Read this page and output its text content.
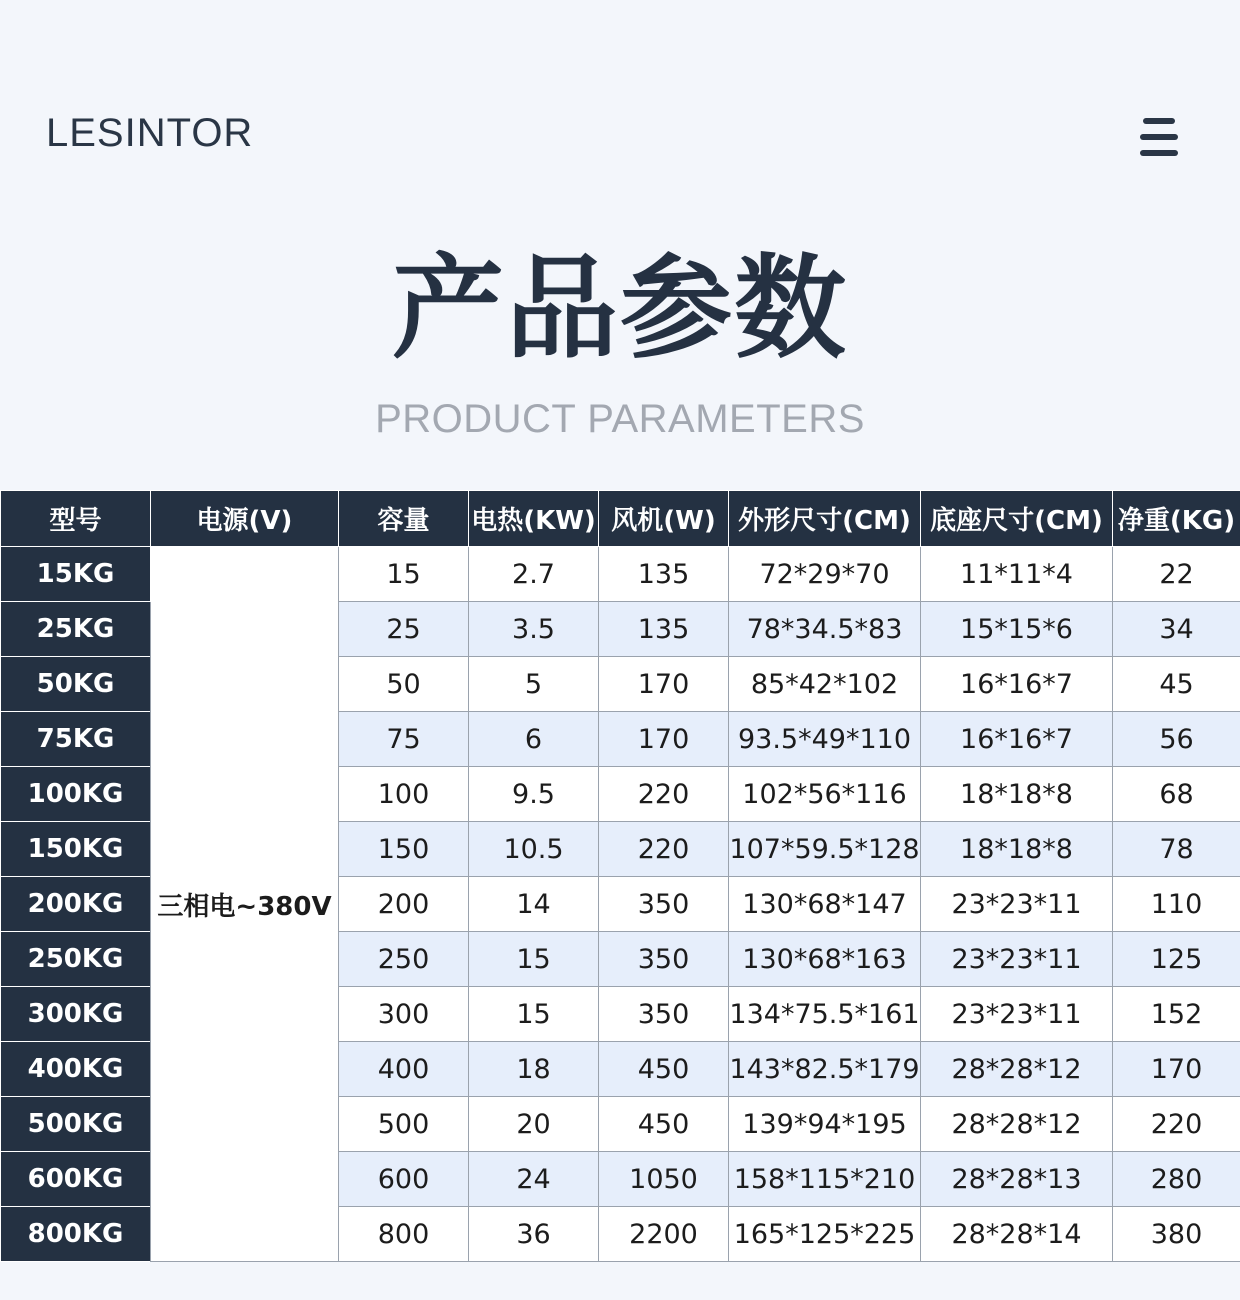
LESINTOR
产品参数
PRODUCT PARAMETERS
型号	电源(V)	容量	电热(KW)	风机(W)	外形尺寸(CM)	底座尺寸(CM)	净重(KG)
15KG	三相电~380V	15	2.7	135	72*29*70	11*11*4	22
25KG		25	3.5	135	78*34.5*83	15*15*6	34
50KG		50	5	170	85*42*102	16*16*7	45
75KG		75	6	170	93.5*49*110	16*16*7	56
100KG		100	9.5	220	102*56*116	18*18*8	68
150KG		150	10.5	220	107*59.5*128	18*18*8	78
200KG		200	14	350	130*68*147	23*23*11	110
250KG		250	15	350	130*68*163	23*23*11	125
300KG		300	15	350	134*75.5*161	23*23*11	152
400KG		400	18	450	143*82.5*179	28*28*12	170
500KG		500	20	450	139*94*195	28*28*12	220
600KG		600	24	1050	158*115*210	28*28*13	280
800KG		800	36	2200	165*125*225	28*28*14	380
